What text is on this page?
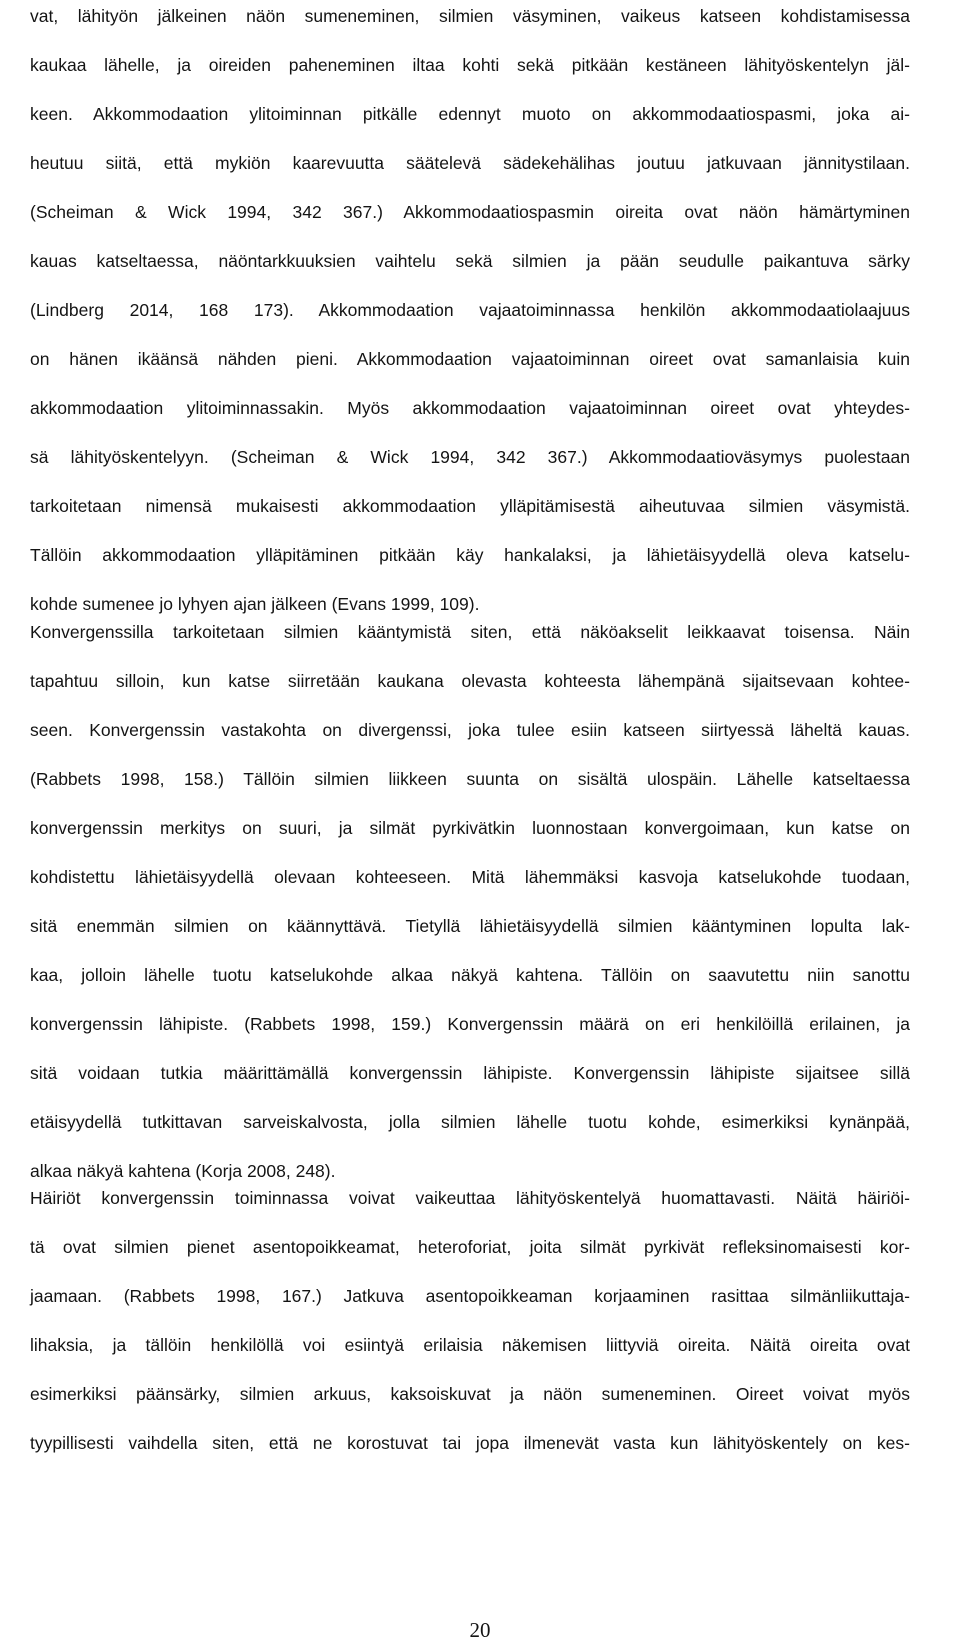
vat, lähityön jälkeinen näön sumeneminen, silmien väsyminen, vaikeus katseen kohdistamisessa
kaukaa lähelle, ja oireiden paheneminen iltaa kohti sekä pitkään kestäneen lähityöskentelyn jäl-
keen. Akkommodaation ylitoiminnan pitkälle edennyt muoto on akkommodaatiospasmi, joka ai-
heutuu siitä, että mykiön kaarevuutta säätelevä sädekehälihas joutuu jatkuvaan jännitystilaan.
(Scheiman & Wick 1994, 342 367.) Akkommodaatiospasmin oireita ovat näön hämärtyminen
kauas katseltaessa, näöntarkkuuksien vaihtelu sekä silmien ja pään seudulle paikantuva särky
(Lindberg 2014, 168 173). Akkommodaation vajaatoiminnassa henkilön akkommodaatiolaajuus
on hänen ikäänsä nähden pieni. Akkommodaation vajaatoiminnan oireet ovat samanlaisia kuin
akkommodaation ylitoiminnassakin. Myös akkommodaation vajaatoiminnan oireet ovat yhteydes-
sä lähityöskentelyyn. (Scheiman & Wick 1994, 342 367.) Akkommodaatioväsymys puolestaan
tarkoitetaan nimensä mukaisesti akkommodaation ylläpitämisestä aiheutuvaa silmien väsymistä.
Tällöin akkommodaation ylläpitäminen pitkään käy hankalaksi, ja lähietäisyydellä oleva katselu-
kohde sumenee jo lyhyen ajan jälkeen (Evans 1999, 109).

Konvergenssilla tarkoitetaan silmien kääntymistä siten, että näköakselit leikkaavat toisensa. Näin
tapahtuu silloin, kun katse siirretään kaukana olevasta kohteesta lähempänä sijaitsevaan kohtee-
seen. Konvergenssin vastakohta on divergenssi, joka tulee esiin katseen siirtyessä läheltä kauas.
(Rabbets 1998, 158.) Tällöin silmien liikkeen suunta on sisältä ulospäin. Lähelle katseltaessa
konvergenssin merkitys on suuri, ja silmät pyrkivätkin luonnostaan konvergoimaan, kun katse on
kohdistettu lähietäisyydellä olevaan kohteeseen. Mitä lähemmäksi kasvoja katselukohde tuodaan,
sitä enemmän silmien on käännyttävä. Tietyllä lähietäisyydellä silmien kääntyminen lopulta lak-
kaa, jolloin lähelle tuotu katselukohde alkaa näkyä kahtena. Tällöin on saavutettu niin sanottu
konvergenssin lähipiste. (Rabbets 1998, 159.) Konvergenssin määrä on eri henkilöillä erilainen, ja
sitä voidaan tutkia määrittämällä konvergenssin lähipiste. Konvergenssin lähipiste sijaitsee sillä
etäisyydellä tutkittavan sarveiskalvosta, jolla silmien lähelle tuotu kohde, esimerkiksi kynänpää,
alkaa näkyä kahtena (Korja 2008, 248).

Häiriöt konvergenssin toiminnassa voivat vaikeuttaa lähityöskentelyä huomattavasti. Näitä häiriöi-
tä ovat silmien pienet asentopoikkeamat, heteroforiat, joita silmät pyrkivät refleksinomaisesti kor-
jaamaan. (Rabbets 1998, 167.) Jatkuva asentopoikkeaman korjaaminen rasittaa silmänliikuttaja-
lihaksia, ja tällöin henkilöllä voi esiintyä erilaisia näkemisen liittyviä oireita. Näitä oireita ovat
esimerkiksi päänsärky, silmien arkuus, kaksoiskuvat ja näön sumeneminen. Oireet voivat myös
tyypillisesti vaihdella siten, että ne korostuvat tai jopa ilmenevät vasta kun lähityöskentely on kes-

20
